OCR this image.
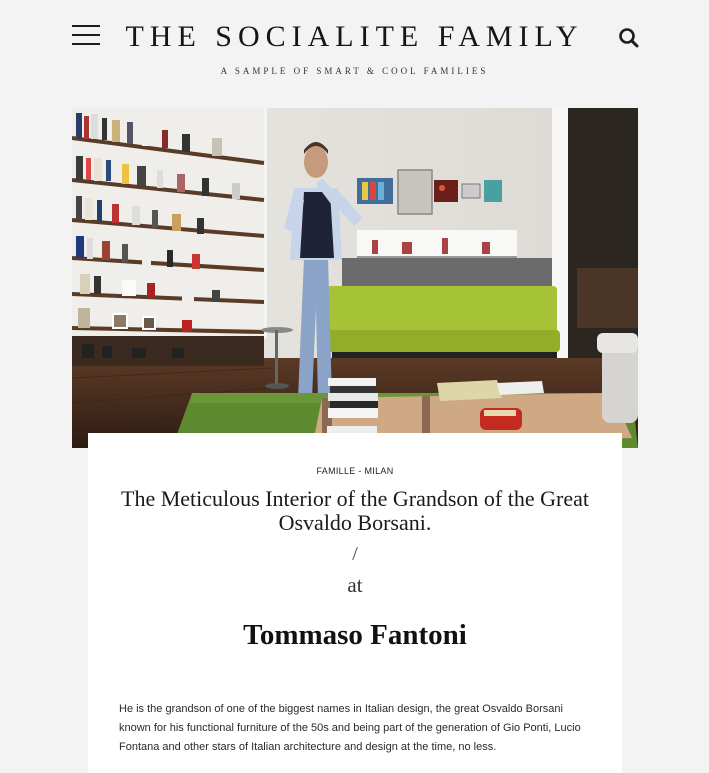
THE SOCIALITE FAMILY
A SAMPLE OF SMART & COOL FAMILIES
FAMILLE - MILAN
The Meticulous Interior of the Grandson of the Great Osvaldo Borsani.
/
at
Tommaso Fantoni

He is the grandson of one of the biggest names in Italian design, the great Osvaldo Borsani known for his functional furniture of the 50s and being part of the generation of Gio Ponti, Lucio Fontana and other stars of Italian architecture and design at the time, no less.
